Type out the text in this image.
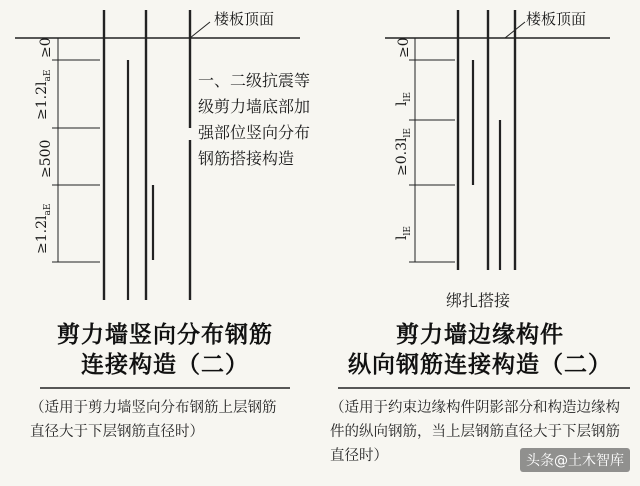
楼板顶面
一、二级抗震等级剪力墙底部加强部位竖向分布钢筋搭接构造
≥0
$\ge 1.2l_{aE}$
≥500
$\ge 1.2l_{aE}$
剪力墙竖向分布钢筋
连接构造（二）
（适用于剪力墙竖向分布钢筋上层钢筋直径大于下层钢筋直径时）
楼板顶面
≥0
$l_{lE}$
$\ge 0.3l_{lE}$
$l_{lE}$
绑扎搭接
剪力墙边缘构件
纵向钢筋连接构造（二）
（适用于约束边缘构件阴影部分和构造边缘构件的纵向钢筋，当上层钢筋直径大于下层钢筋直径时）	头条@土木智库
